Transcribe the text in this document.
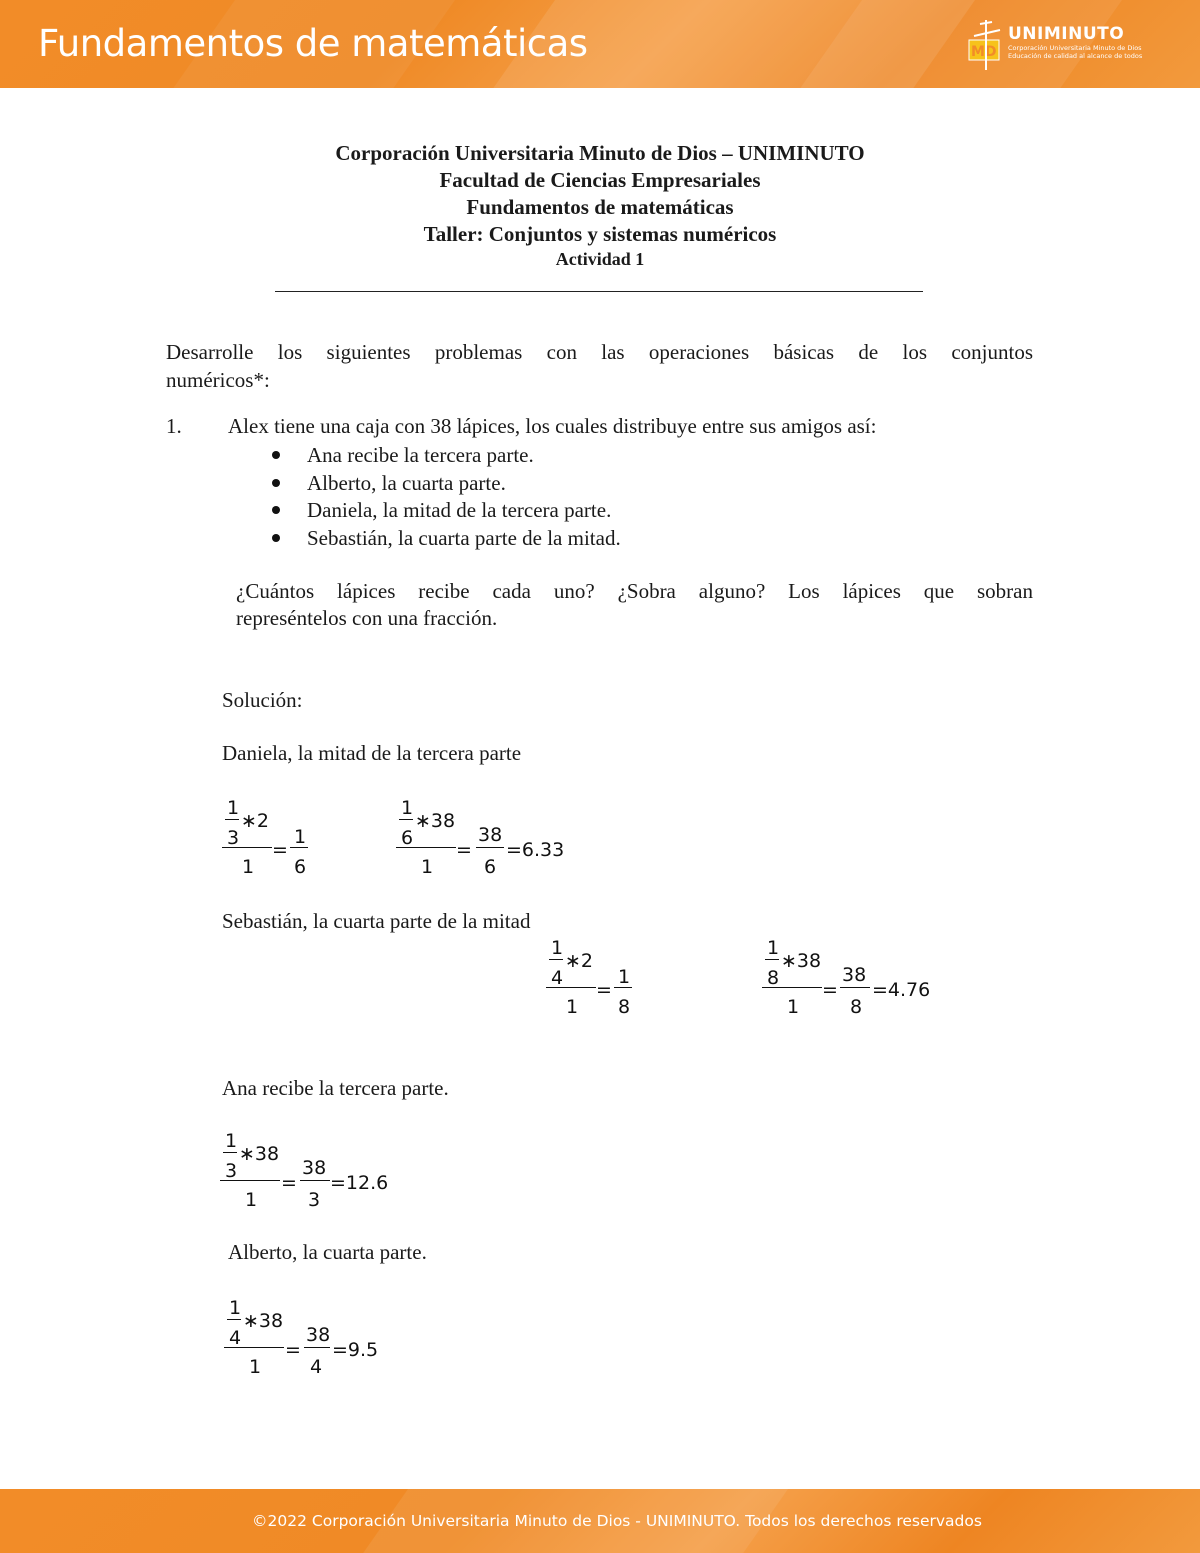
Fundamentos de matemáticas	MD
UNIMINUTO
Corporación Universitaria Minuto de Dios
Educación de calidad al alcance de todos
Corporación Universitaria Minuto de Dios – UNIMINUTO
Facultad de Ciencias Empresariales
Fundamentos de matemáticas
Taller: Conjuntos y sistemas numéricos
Actividad 1
Desarrolle los siguientes problemas con las operaciones básicas de los conjuntos
numéricos*:
1. Alex tiene una caja con 38 lápices, los cuales distribuye entre sus amigos así:
Ana recibe la tercera parte.
Alberto, la cuarta parte.
Daniela, la mitad de la tercera parte.
Sebastián, la cuarta parte de la mitad.
¿Cuántos lápices recibe cada uno? ¿Sobra alguno? Los lápices que sobran
represéntelos con una fracción.
Solución:
Daniela, la mitad de la tercera parte
1
3
∗2
1
=
1
6
1
6
∗38
1
=
38
6
=6.33
Sebastián, la cuarta parte de la mitad
1
4
∗2
1
=
1
8
1
8
∗38
1
=
38
8
=4.76
Ana recibe la tercera parte.
1
3
∗38
1
=
38
3
=12.6
Alberto, la cuarta parte.
1
4
∗38
1
=
38
4
=9.5
©2022 Corporación Universitaria Minuto de Dios - UNIMINUTO. Todos los derechos reservados
